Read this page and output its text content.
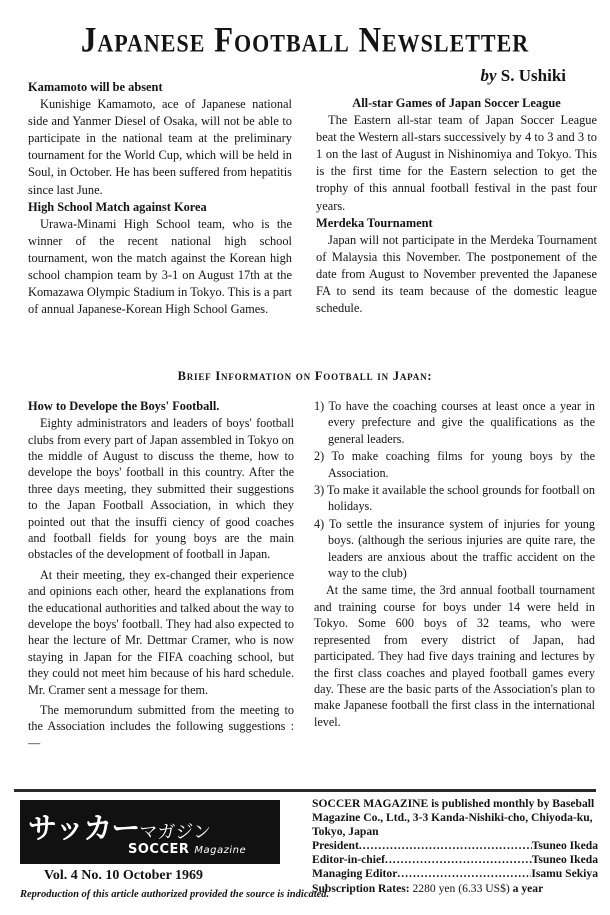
Japanese Football Newsletter
by S. Ushiki
Kamamoto will be absent

Kunishige Kamamoto, ace of Japanese national side and Yanmer Diesel of Osaka, will not be able to participate in the national team at the preliminary tournament for the World Cup, which will be held in Soul, in October. He has been suffered from hepatitis since last June.

High School Match against Korea

Urawa-Minami High School team, who is the winner of the recent national high school tournament, won the match against the Korean high school champion team by 3-1 on August 17th at the Komazawa Olympic Stadium in Tokyo. This is a part of annual Japanese-Korean High School Games.

All-star Games of Japan Soccer League

The Eastern all-star team of Japan Soccer League beat the Western all-stars successively by 4 to 3 and 3 to 1 on the last of August in Nishinomiya and Tokyo. This is the first time for the Eastern selection to get the trophy of this annual football festival in the past four years.

Merdeka Tournament

Japan will not participate in the Merdeka Tournament of Malaysia this November. The postponement of the date from August to November prevented the Japanese FA to send its team because of the domestic league schedule.

Brief Information on Football in Japan:
How to Develope the Boys' Football.

Eighty administrators and leaders of boys' football clubs from every part of Japan assembled in Tokyo on the middle of August to discuss the theme, how to develope the boys' football in this country. After the three days meeting, they submitted their suggestions to the Japan Football Association, in which they pointed out that the insuffi ciency of good coaches and football fields for young boys are the main obstacles of the development of football in Japan.

At their meeting, they ex-changed their experience and opinions each other, heard the explanations from the educational authorities and talked about the way to develope the boys' football. They had also expected to hear the lecture of Mr. Dettmar Cramer, who is now staying in Japan for the FIFA coaching school, but they could not meet him because of his hard schedule. Mr. Cramer sent a message for them.

The memorundum submitted from the meeting to the Association includes the following suggestions : —

1) To have the coaching courses at least once a year in every prefecture and give the qualifications as the general leaders.
2) To make coaching films for young boys by the Association.
3) To make it available the school grounds for football on holidays.
4) To settle the insurance system of injuries for young boys. (although the serious injuries are quite rare, the leaders are anxious about the traffic accident on the way to the club)

At the same time, the 3rd annual football tournament and training course for boys under 14 were held in Tokyo. Some 600 boys of 32 teams, who were represented from every district of Japan, had participated. They had five days training and lectures by the first class coaches and played football games every day. These are the basic parts of the Association's plan to make Japanese football the first class in the international level.

サッカーマガジン
SOCCER Magazine
Vol. 4 No. 10 October 1969
Reproduction of this article authorized provided the source is indicated.
SOCCER MAGAZINE is published monthly by Baseball Magazine Co., Ltd., 3-3 Kanda-Nishiki-cho, Chiyoda-ku, Tokyo, Japan
President .....	Tsuneo Ikeda
Editor-in-chief .....	Tsuneo Ikeda
Managing Editor .....	Isamu Sekiya
Subscription Rates: 2280 yen (6.33 US$) a year
